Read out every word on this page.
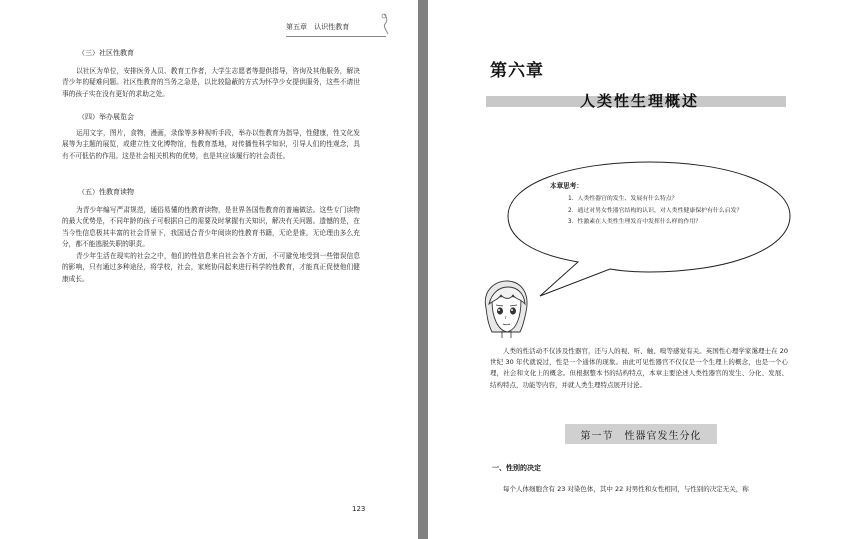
第五章 认识性教育
（三）社区性教育

以社区为单位，安排医务人员、教育工作者，大学生志愿者等提供指导，咨询及其他服务，解决青少年的疑难问题。社区性教育的当务之急是，以比较隐蔽的方式为怀孕少女提供服务，这些不请世事的孩子实在没有更好的求助之处。

（四）举办展览会

运用文字，图片，食物，漫画，录像等多种视听手段，举办以性教育为指导，性健康，性文化发展等为主题的展览，或建立性文化博物馆，性教育基地，对传播性科学知识，引导人们的性观念，具有不可低估的作用。这是社会相关机构的优势，也是其应该履行的社会责任。

（五）性教育读物

为青少年编写严肃规范，通俗易懂的性教育读物，是世界各国性教育的普遍做法。这些专门读物的最大优势是，不同年龄的孩子可根据自己的需要及时掌握有关知识，解决有关问题。遗憾的是，在当今性信息极其丰富的社会背景下，我国适合青少年阅读的性教育书籍，无论是谁，无论理由多么充分，都不能逃脱失职的职责。

青少年生活在现实的社会之中，他们的性信息来自社会各个方面，不可避免地受到一些错误信息的影响，只有通过多种途径，将学校，社会，家庭协同起来进行科学的性教育，才能真正促使他们健康成长。

123
第六章
人类性生理概述
本章思考：
1．人类性器官的发生、发展有什么特点？
2．通过对男女性器官结构的认识，对人类性健康保护有什么启发？
3．性激素在人类性生理发育中发挥什么样的作用？

人类的性活动不仅涉及性器官，还与人的视、听、触、嗅等感觉有关。英国性心理学家霭理士在 20 世纪 30 年代就说过，性是一个通体的现象。由此可见性器官不仅仅是一个生理上的概念，也是一个心理，社会和文化上的概念。但根据整本书的结构特点，本章主要论述人类性器官的发生、分化、发展、结构特点，功能等内容，并就人类生理特点展开讨论。

第一节　性器官发生分化
一、性别的决定

每个人体细胞含有 23 对染色体，其中 22 对男性和女性相同，与性别的决定无关，称
